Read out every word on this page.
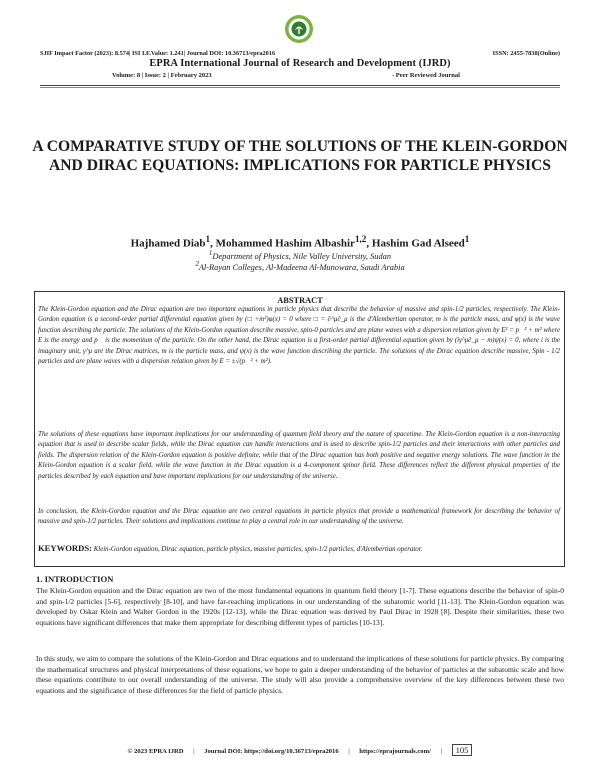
SJIF Impact Factor (2023): 8.574| ISI I.F.Value: 1.241| Journal DOI: 10.36713/epra2016	ISSN: 2455-7838(Online)
EPRA International Journal of Research and Development (IJRD)
Volume: 8 | Issue: 2 | February 2023	- Peer Reviewed Journal
A COMPARATIVE STUDY OF THE SOLUTIONS OF THE KLEIN-GORDON AND DIRAC EQUATIONS: IMPLICATIONS FOR PARTICLE PHYSICS
Hajhamed Diab$^1$, Mohammed Hashim Albashir$^{1,2}$, Hashim Gad Alseed$^1$
$^1$Department of Physics, Nile Valley University, Sudan
$^2$Al-Rayan Colleges, Al-Madeena Al-Munowara, Saudi Arabia
ABSTRACT
The Klein-Gordon equation and the Dirac equation are two important equations in particle physics that describe the behavior of massive and spin-1/2 particles, respectively. The Klein-Gordon equation is a second-order partial differential equation given by (□ +m²)φ(x) = 0 where □ = ∂^μ∂_μ is the d'Alembertian operator, m is the particle mass, and φ(x) is the wave function describing the particle. The solutions of the Klein-Gordon equation describe massive, spin-0 particles and are plane waves with a dispersion relation given by E² = p⃗² + m² where E is the energy and p⃗ is the momentum of the particle. On the other hand, the Dirac equation is a first-order partial differential equation given by (iγ^μ∂_μ − m)ψ(x) = 0, where i is the imaginary unit, γ^μ are the Dirac matrices, m is the particle mass, and ψ(x) is the wave function describing the particle. The solutions of the Dirac equation describe massive, Spin - 1/2 particles and are plane waves with a dispersion relation given by E = ±√(p⃗² + m²).
The solutions of these equations have important implications for our understanding of quantum field theory and the nature of spacetime. The Klein-Gordon equation is a non-interacting equation that is used to describe scalar fields, while the Dirac equation can handle interactions and is used to describe spin-1/2 particles and their interactions with other particles and fields. The dispersion relation of the Klein-Gordon equation is positive definite, while that of the Dirac equation has both positive and negative energy solutions. The wave function in the Klein-Gordon equation is a scalar field, while the wave function in the Dirac equation is a 4-component spinor field. These differences reflect the different physical properties of the particles described by each equation and have important implications for our understanding of the universe.
In conclusion, the Klein-Gordon equation and the Dirac equation are two central equations in particle physics that provide a mathematical framework for describing the behavior of massive and spin-1/2 particles. Their solutions and implications continue to play a central role in our understanding of the universe.
KEYWORDS: Klein-Gordon equation, Dirac equation, particle physics, massive particles, spin-1/2 particles, d'Alembertian operator.
1. INTRODUCTION
The Klein-Gordon equation and the Dirac equation are two of the most fundamental equations in quantum field theory [1-7]. These equations describe the behavior of spin-0 and spin-1/2 particles [5-6], respectively [8-10], and have far-reaching implications in our understanding of the subatomic world [11-13]. The Klein-Gordon equation was developed by Oskar Klein and Walter Gordon in the 1920s [12-13], while the Dirac equation was derived by Paul Dirac in 1928 [8]. Despite their similarities, these two equations have significant differences that make them appropriate for describing different types of particles [10-13].
In this study, we aim to compare the solutions of the Klein-Gordon and Dirac equations and to understand the implications of these solutions for particle physics. By comparing the mathematical structures and physical interpretations of these equations, we hope to gain a deeper understanding of the behavior of particles at the subatomic scale and how these equations contribute to our overall understanding of the universe. The study will also provide a comprehensive overview of the key differences between these two equations and the significance of these differences for the field of particle physics.
© 2023 EPRA IJRD | Journal DOI: https://doi.org/10.36713/epra2016 | https://eprajournals.com/ | 105
